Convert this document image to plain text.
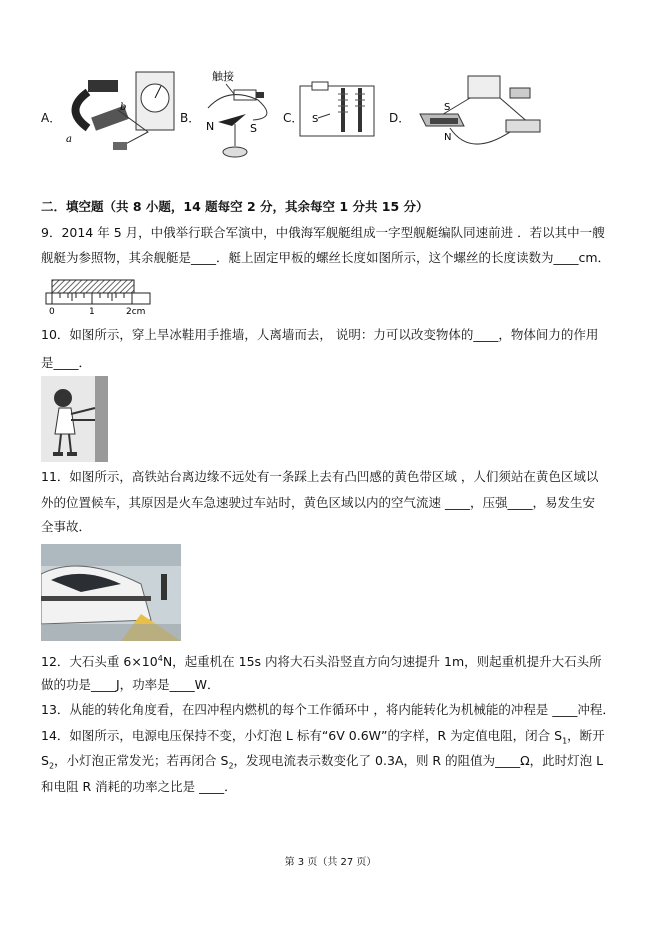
A．
b
a
B．
触接
N	S
C． S	D．
S
N
二．填空题（共 8 小题，14 题每空 2 分，其余每空 1 分共 15 分）
9．2014 年 5 月，中俄举行联合军演中，中俄海军舰艇组成一字型舰艇编队同速前进 ．若以其中一艘
舰艇为参照物，其余舰艇是____．艇上固定甲板的螺丝长度如图所示，这个螺丝的长度读数为____cm．
0	1	2cm
10．如图所示，穿上旱冰鞋用手推墙，人离墙而去， 说明：力可以改变物体的____，物体间力的作用
是____．
11．如图所示，高铁站台离边缘不远处有一条踩上去有凸凹感的黄色带区域 ，人们须站在黄色区域以
外的位置候车，其原因是火车急速驶过车站时，黄色区域以内的空气流速 ____，压强____，易发生安
全事故．
12．大石头重 $6\times 10^4N$，起重机在 15s 内将大石头沿竖直方向匀速提升 1m，则起重机提升大石头所
做的功是____J，功率是____W．
13．从能的转化角度看，在四冲程内燃机的每个工作循环中 ，将内能转化为机械能的冲程是 ____冲程．
14．如图所示，电源电压保持不变，小灯泡 L 标有“6V 0.6W”的字样，R 为定值电阻，闭合 $S_1$，断开
$S_2$，小灯泡正常发光；若再闭合 $S_2$，发现电流表示数变化了 0.3A，则 R 的阻值为____Ω，此时灯泡 L
和电阻 R 消耗的功率之比是 ____．
第 3 页（共 27 页）
